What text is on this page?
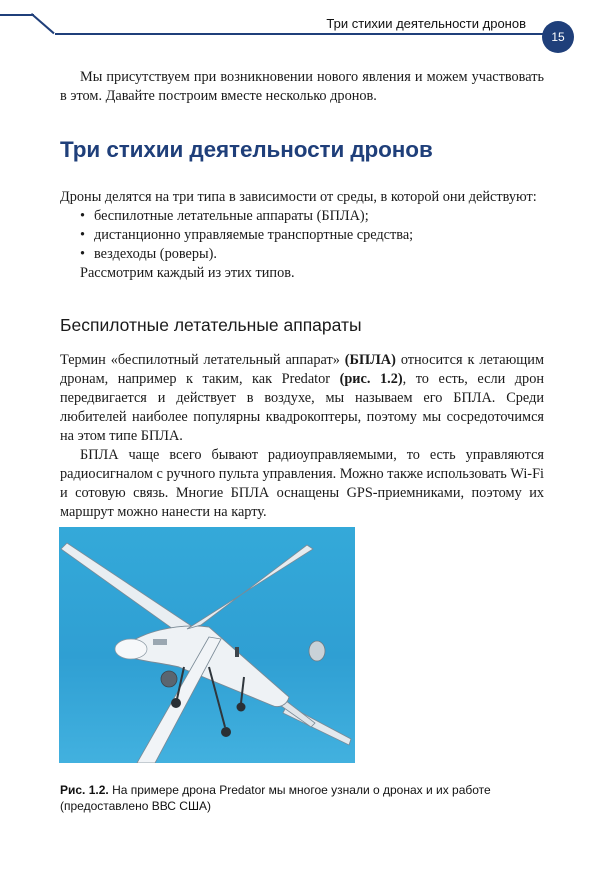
Три стихии деятельности дронов
15

Мы присутствуем при возникновении нового явления и можем участвовать в этом. Давайте построим вместе несколько дронов.

Три стихии деятельности дронов

Дроны делятся на три типа в зависимости от среды, в которой они действуют:

• беспилотные летательные аппараты (БПЛА);
• дистанционно управляемые транспортные средства;
• вездеходы (роверы).

Рассмотрим каждый из этих типов.

Беспилотные летательные аппараты

Термин «беспилотный летательный аппарат» (БПЛА) относится к летающим дронам, например к таким, как Predator (рис. 1.2), то есть, если дрон передвигается и действует в воздухе, мы называем его БПЛА. Среди любителей наиболее популярны квадрокоптеры, поэтому мы сосредоточимся на этом типе БПЛА.

БПЛА чаще всего бывают радиоуправляемыми, то есть управляются радиосигналом с ручного пульта управления. Можно также использовать Wi-Fi и сотовую связь. Многие БПЛА оснащены GPS-приемниками, поэтому их маршрут можно нанести на карту.

Рис. 1.2. На примере дрона Predator мы многое узнали о дронах и их работе (предоставлено ВВС США)
